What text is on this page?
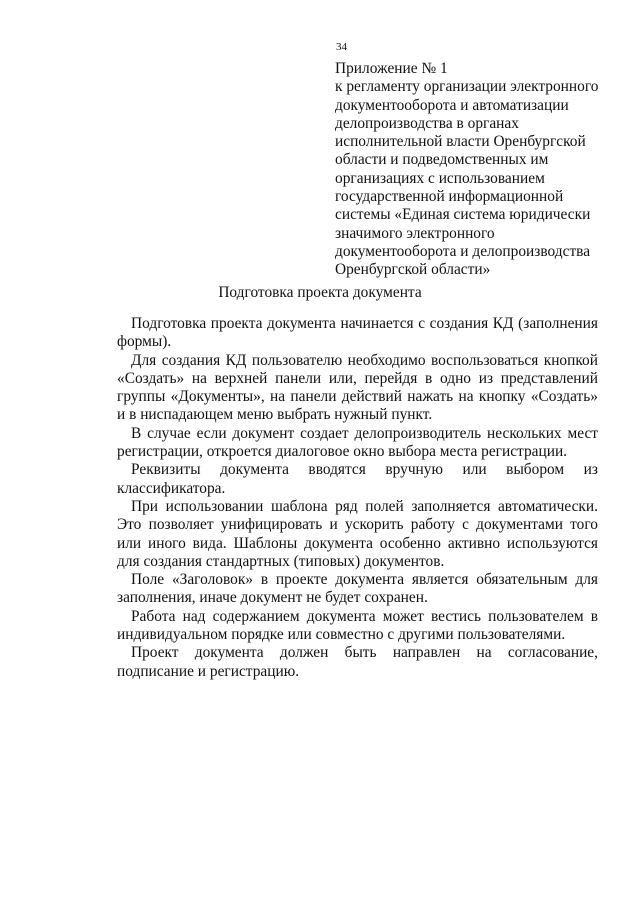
34
Приложение № 1
к регламенту организации электронного
документооборота и автоматизации
делопроизводства в органах
исполнительной власти Оренбургской
области и подведомственных им
организациях с использованием
государственной информационной
системы «Единая система юридически
значимого электронного
документооборота и делопроизводства
Оренбургской области»
Подготовка проекта документа

Подготовка проекта документа начинается с создания КД (заполнения формы).

Для создания КД пользователю необходимо воспользоваться кнопкой «Создать» на верхней панели или, перейдя в одно из представлений группы «Документы», на панели действий нажать на кнопку «Создать» и в ниспадающем меню выбрать нужный пункт.

В случае если документ создает делопроизводитель нескольких мест регистрации, откроется диалоговое окно выбора места регистрации.

Реквизиты документа вводятся вручную или выбором из классификатора.

При использовании шаблона ряд полей заполняется автоматически. Это позволяет унифицировать и ускорить работу с документами того или иного вида. Шаблоны документа особенно активно используются для создания стандартных (типовых) документов.

Поле «Заголовок» в проекте документа является обязательным для заполнения, иначе документ не будет сохранен.

Работа над содержанием документа может вестись пользователем в индивидуальном порядке или совместно с другими пользователями.

Проект документа должен быть направлен на согласование, подписание и регистрацию.
